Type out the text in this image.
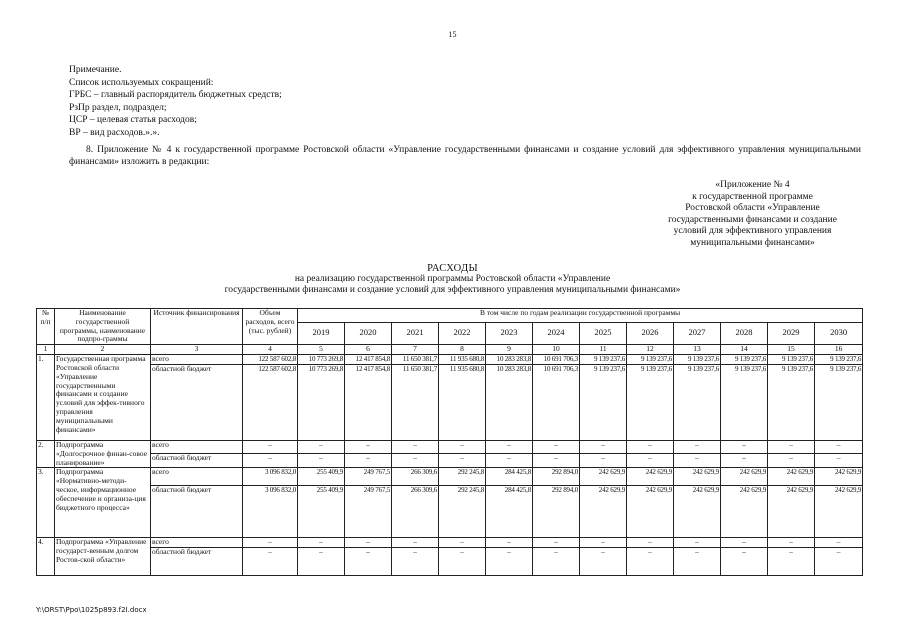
15
Примечание.
Список используемых сокращений:
ГРБС – главный распорядитель бюджетных средств;
РзПр раздел, подраздел;
ЦСР – целевая статья расходов;
ВР – вид расходов.».».
8. Приложение № 4 к государственной программе Ростовской области «Управление государственными финансами и создание условий для эффективного управления муниципальными финансами» изложить в редакции:
«Приложение № 4
к государственной программе
Ростовской области «Управление
государственными финансами и создание
условий для эффективного управления
муниципальными финансами»
РАСХОДЫ
на реализацию государственной программы Ростовской области «Управление
государственными финансами и создание условий для эффективного управления муниципальными финансами»
№ п/п	Наименование государственной программы, наименование подпро-граммы	Источник финансирования	Объем расходов, всего (тыс. рублей)	В том числе по годам реализации государственной программы											
				2019	2020	2021	2022	2023	2024	2025	2026	2027	2028	2029	2030
1	2	3	4	5	6	7	8	9	10	11	12	13	14	15	16
1.	Государственная программа Ростовской области «Управление государственными финансами и создание условий для эффек-тивного управления муниципальными финансами»	всего	122 587 602,8	10 773 269,8	12 417 854,8	11 650 381,7	11 935 680,8	10 283 283,8	10 691 706,3	9 139 237,6	9 139 237,6	9 139 237,6	9 139 237,6	9 139 237,6	9 139 237,6
		областной бюджет	122 587 602,8	10 773 269,8	12 417 854,8	11 650 381,7	11 935 680,8	10 283 283,8	10 691 706,3	9 139 237,6	9 139 237,6	9 139 237,6	9 139 237,6	9 139 237,6	9 139 237,6
2.	Подпрограмма «Долгосрочное финан-совое планирование»	всего	–	–	–	–	–	–	–	–	–	–	–	–	–
		областной бюджет	–	–	–	–	–	–	–	–	–	–	–	–	–
3.	Подпрограмма «Нормативно-методи-ческое, информационное обеспечение и организа-ция бюджетного процесса»	всего	3 096 832,0	255 409,9	249 767,5	266 309,6	292 245,8	284 425,8	292 894,0	242 629,9	242 629,9	242 629,9	242 629,9	242 629,9	242 629,9
		областной бюджет	3 096 832,0	255 409,9	249 767,5	266 309,6	292 245,8	284 425,8	292 894,0	242 629,9	242 629,9	242 629,9	242 629,9	242 629,9	242 629,9
4.	Подпрограмма «Управление государст-венным долгом Ростов-ской области»	всего	–	–	–	–	–	–	–	–	–	–	–	–	–
		областной бюджет	–	–	–	–	–	–	–	–	–	–	–	–	–
Y:\ORST\Ppo\1025p893.f2I.docx
